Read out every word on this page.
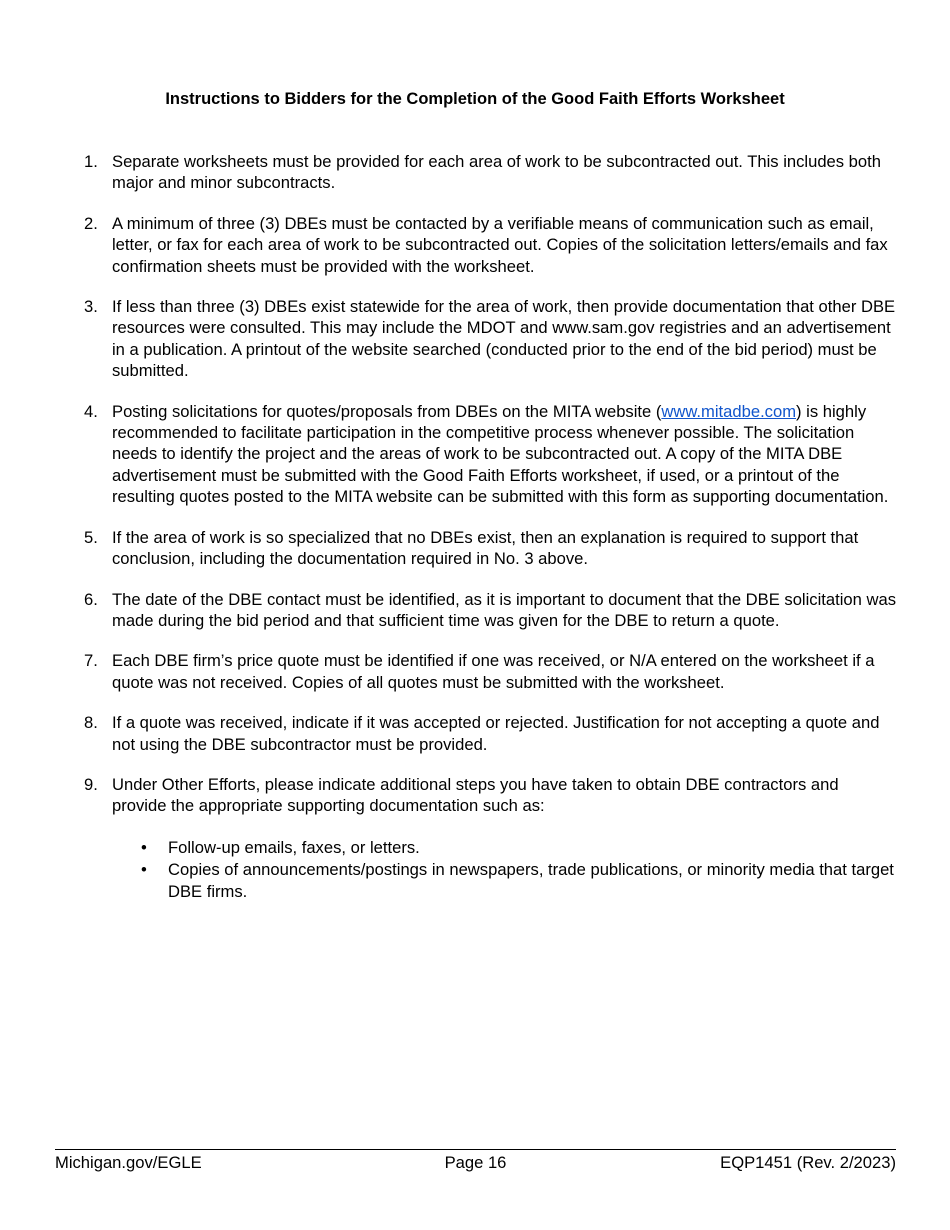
Instructions to Bidders for the Completion of the Good Faith Efforts Worksheet
1. Separate worksheets must be provided for each area of work to be subcontracted out. This includes both major and minor subcontracts.
2. A minimum of three (3) DBEs must be contacted by a verifiable means of communication such as email, letter, or fax for each area of work to be subcontracted out. Copies of the solicitation letters/emails and fax confirmation sheets must be provided with the worksheet.
3. If less than three (3) DBEs exist statewide for the area of work, then provide documentation that other DBE resources were consulted. This may include the MDOT and www.sam.gov registries and an advertisement in a publication. A printout of the website searched (conducted prior to the end of the bid period) must be submitted.
4. Posting solicitations for quotes/proposals from DBEs on the MITA website (www.mitadbe.com) is highly recommended to facilitate participation in the competitive process whenever possible. The solicitation needs to identify the project and the areas of work to be subcontracted out. A copy of the MITA DBE advertisement must be submitted with the Good Faith Efforts worksheet, if used, or a printout of the resulting quotes posted to the MITA website can be submitted with this form as supporting documentation.
5. If the area of work is so specialized that no DBEs exist, then an explanation is required to support that conclusion, including the documentation required in No. 3 above.
6. The date of the DBE contact must be identified, as it is important to document that the DBE solicitation was made during the bid period and that sufficient time was given for the DBE to return a quote.
7. Each DBE firm’s price quote must be identified if one was received, or N/A entered on the worksheet if a quote was not received. Copies of all quotes must be submitted with the worksheet.
8. If a quote was received, indicate if it was accepted or rejected. Justification for not accepting a quote and not using the DBE subcontractor must be provided.
9. Under Other Efforts, please indicate additional steps you have taken to obtain DBE contractors and provide the appropriate supporting documentation such as:
• Follow-up emails, faxes, or letters.
• Copies of announcements/postings in newspapers, trade publications, or minority media that target DBE firms.
Michigan.gov/EGLE	Page 16	EQP1451 (Rev. 2/2023)
